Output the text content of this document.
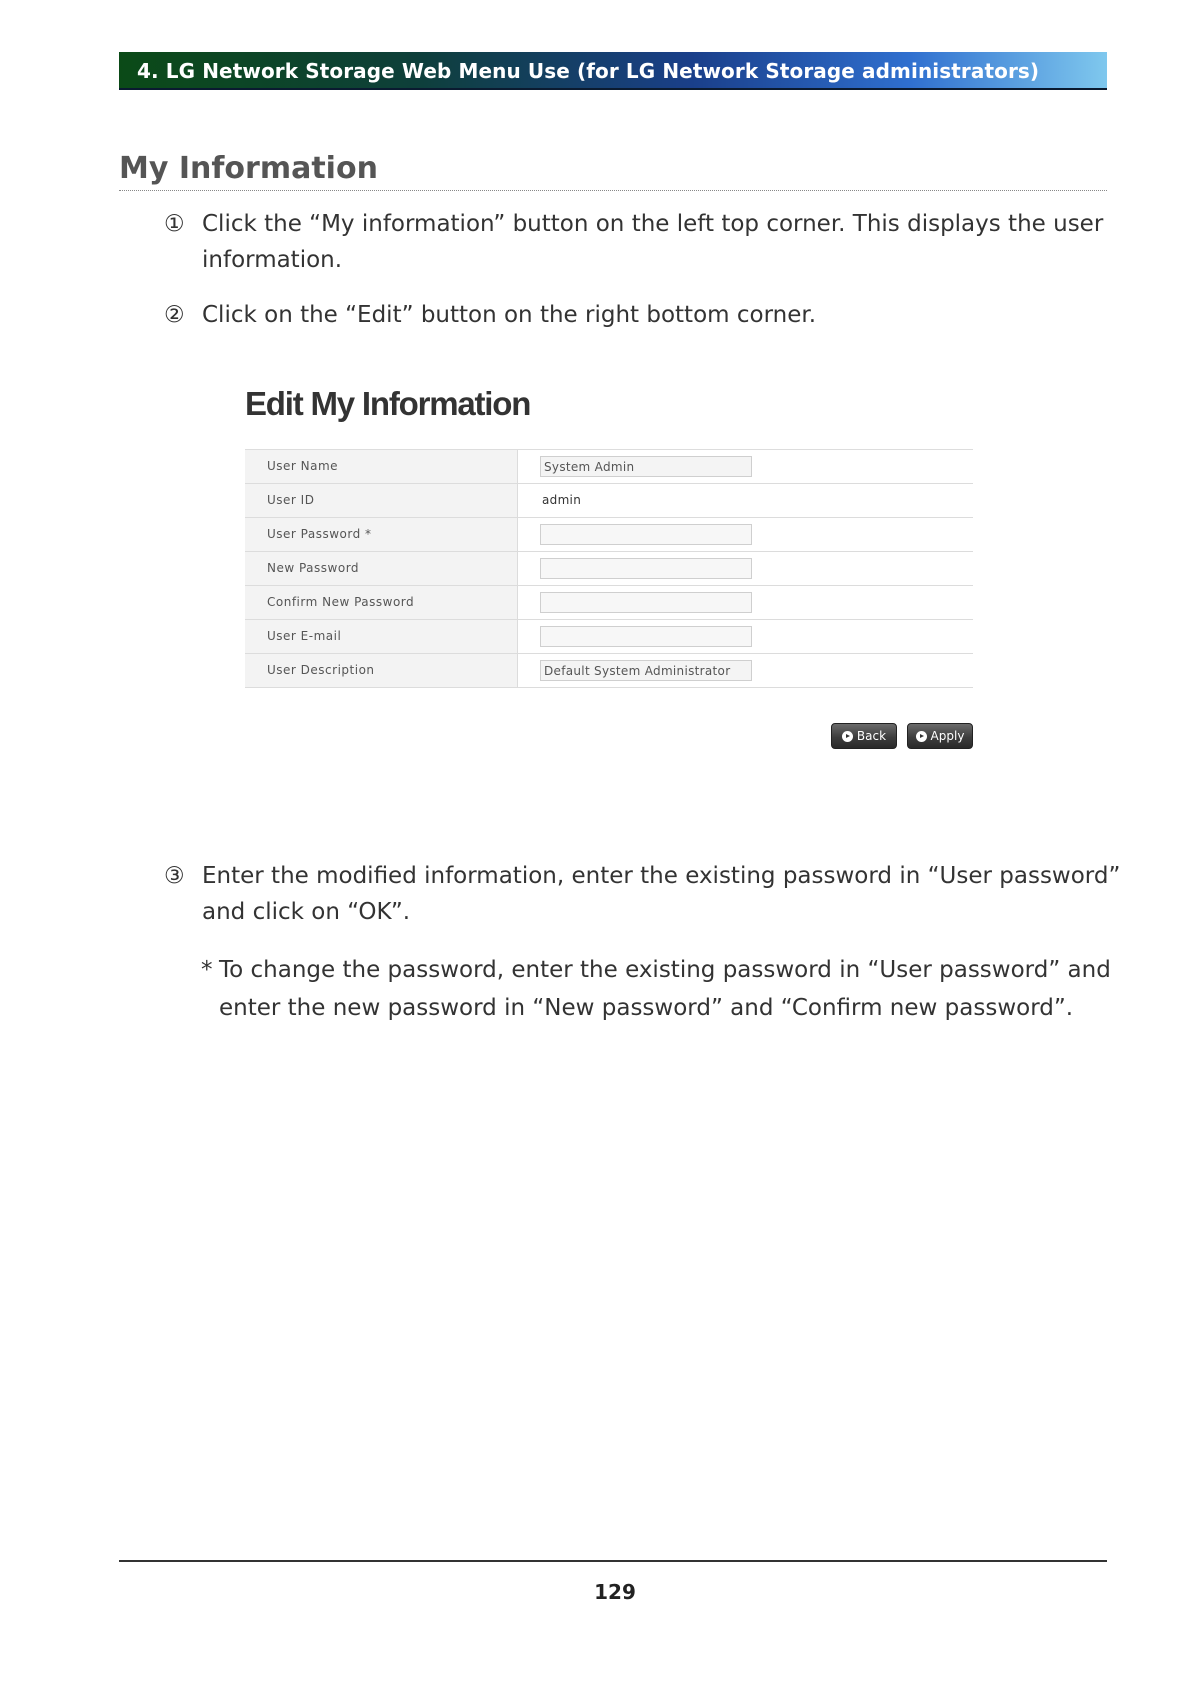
4. LG Network Storage Web Menu Use (for LG Network Storage administrators)
My Information
① Click the “My information” button on the left top corner. This displays the user
information.
② Click on the “Edit” button on the right bottom corner.
Edit My Information
User Name
System Admin
User ID	admin
User Password *
New Password
Confirm New Password
User E-mail
User Description
Default System Administrator
Back	Apply
③ Enter the modified information, enter the existing password in “User password”
and click on “OK”.
* To change the password, enter the existing password in “User password” and
enter the new password in “New password” and “Confirm new password”.
129
